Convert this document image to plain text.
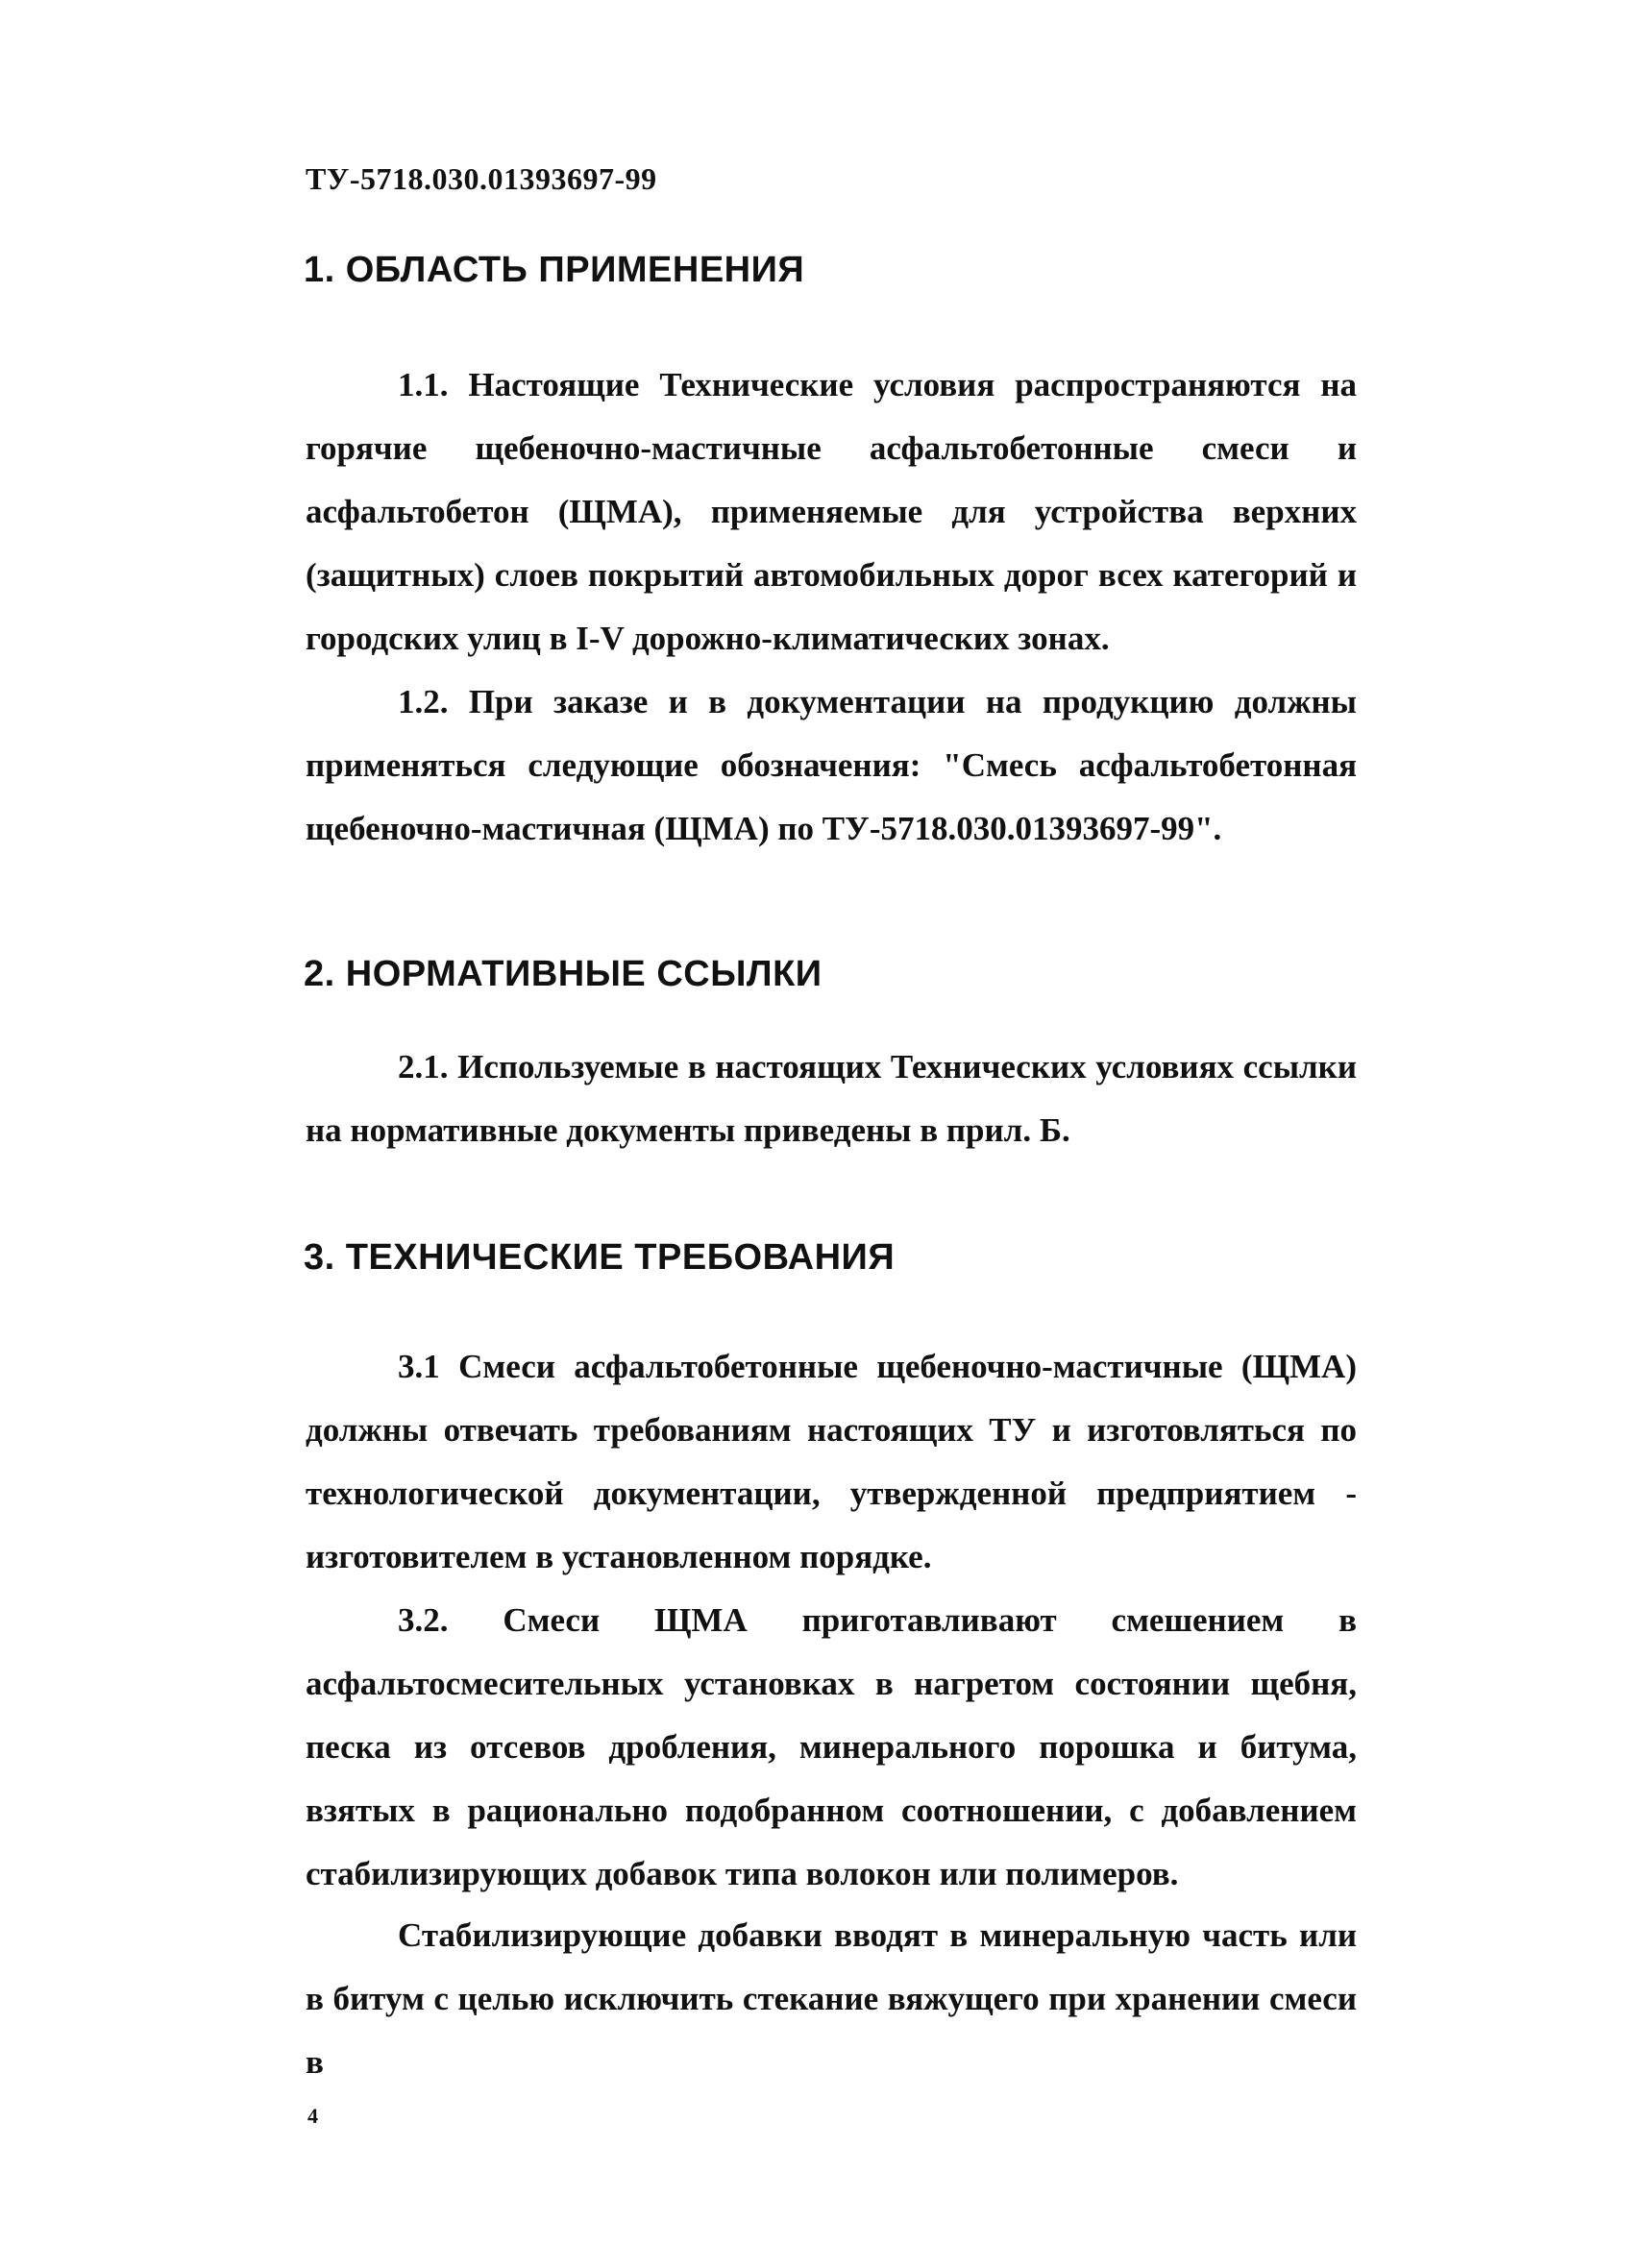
ТУ-5718.030.01393697-99
1. ОБЛАСТЬ ПРИМЕНЕНИЯ

1.1. Настоящие Технические условия распространяются на горячие щебеночно-мастичные асфальтобетонные смеси и асфальтобетон (ЩМА), применяемые для устройства верхних (защитных) слоев покрытий автомобильных дорог всех категорий и городских улиц в I-V дорожно-климатических зонах.

1.2. При заказе и в документации на продукцию должны применяться следующие обозначения: "Смесь асфальтобетонная щебеночно-мастичная (ЩМА) по ТУ-5718.030.01393697-99".

2. НОРМАТИВНЫЕ ССЫЛКИ

2.1. Используемые в настоящих Технических условиях ссылки на нормативные документы приведены в прил. Б.

3. ТЕХНИЧЕСКИЕ ТРЕБОВАНИЯ

3.1 Смеси асфальтобетонные щебеночно-мастичные (ЩМА) должны отвечать требованиям настоящих ТУ и изготовляться по технологической документации, утвержденной предприятием - изготовителем в установленном порядке.

3.2. Смеси ЩМА приготавливают смешением в асфальтосмесительных установках в нагретом состоянии щебня, песка из отсевов дробления, минерального порошка и битума, взятых в рационально подобранном соотношении, с добавлением стабилизирующих добавок типа волокон или полимеров.

Стабилизирующие добавки вводят в минеральную часть или в битум с целью исключить стекание вяжущего при хранении смеси в

4
